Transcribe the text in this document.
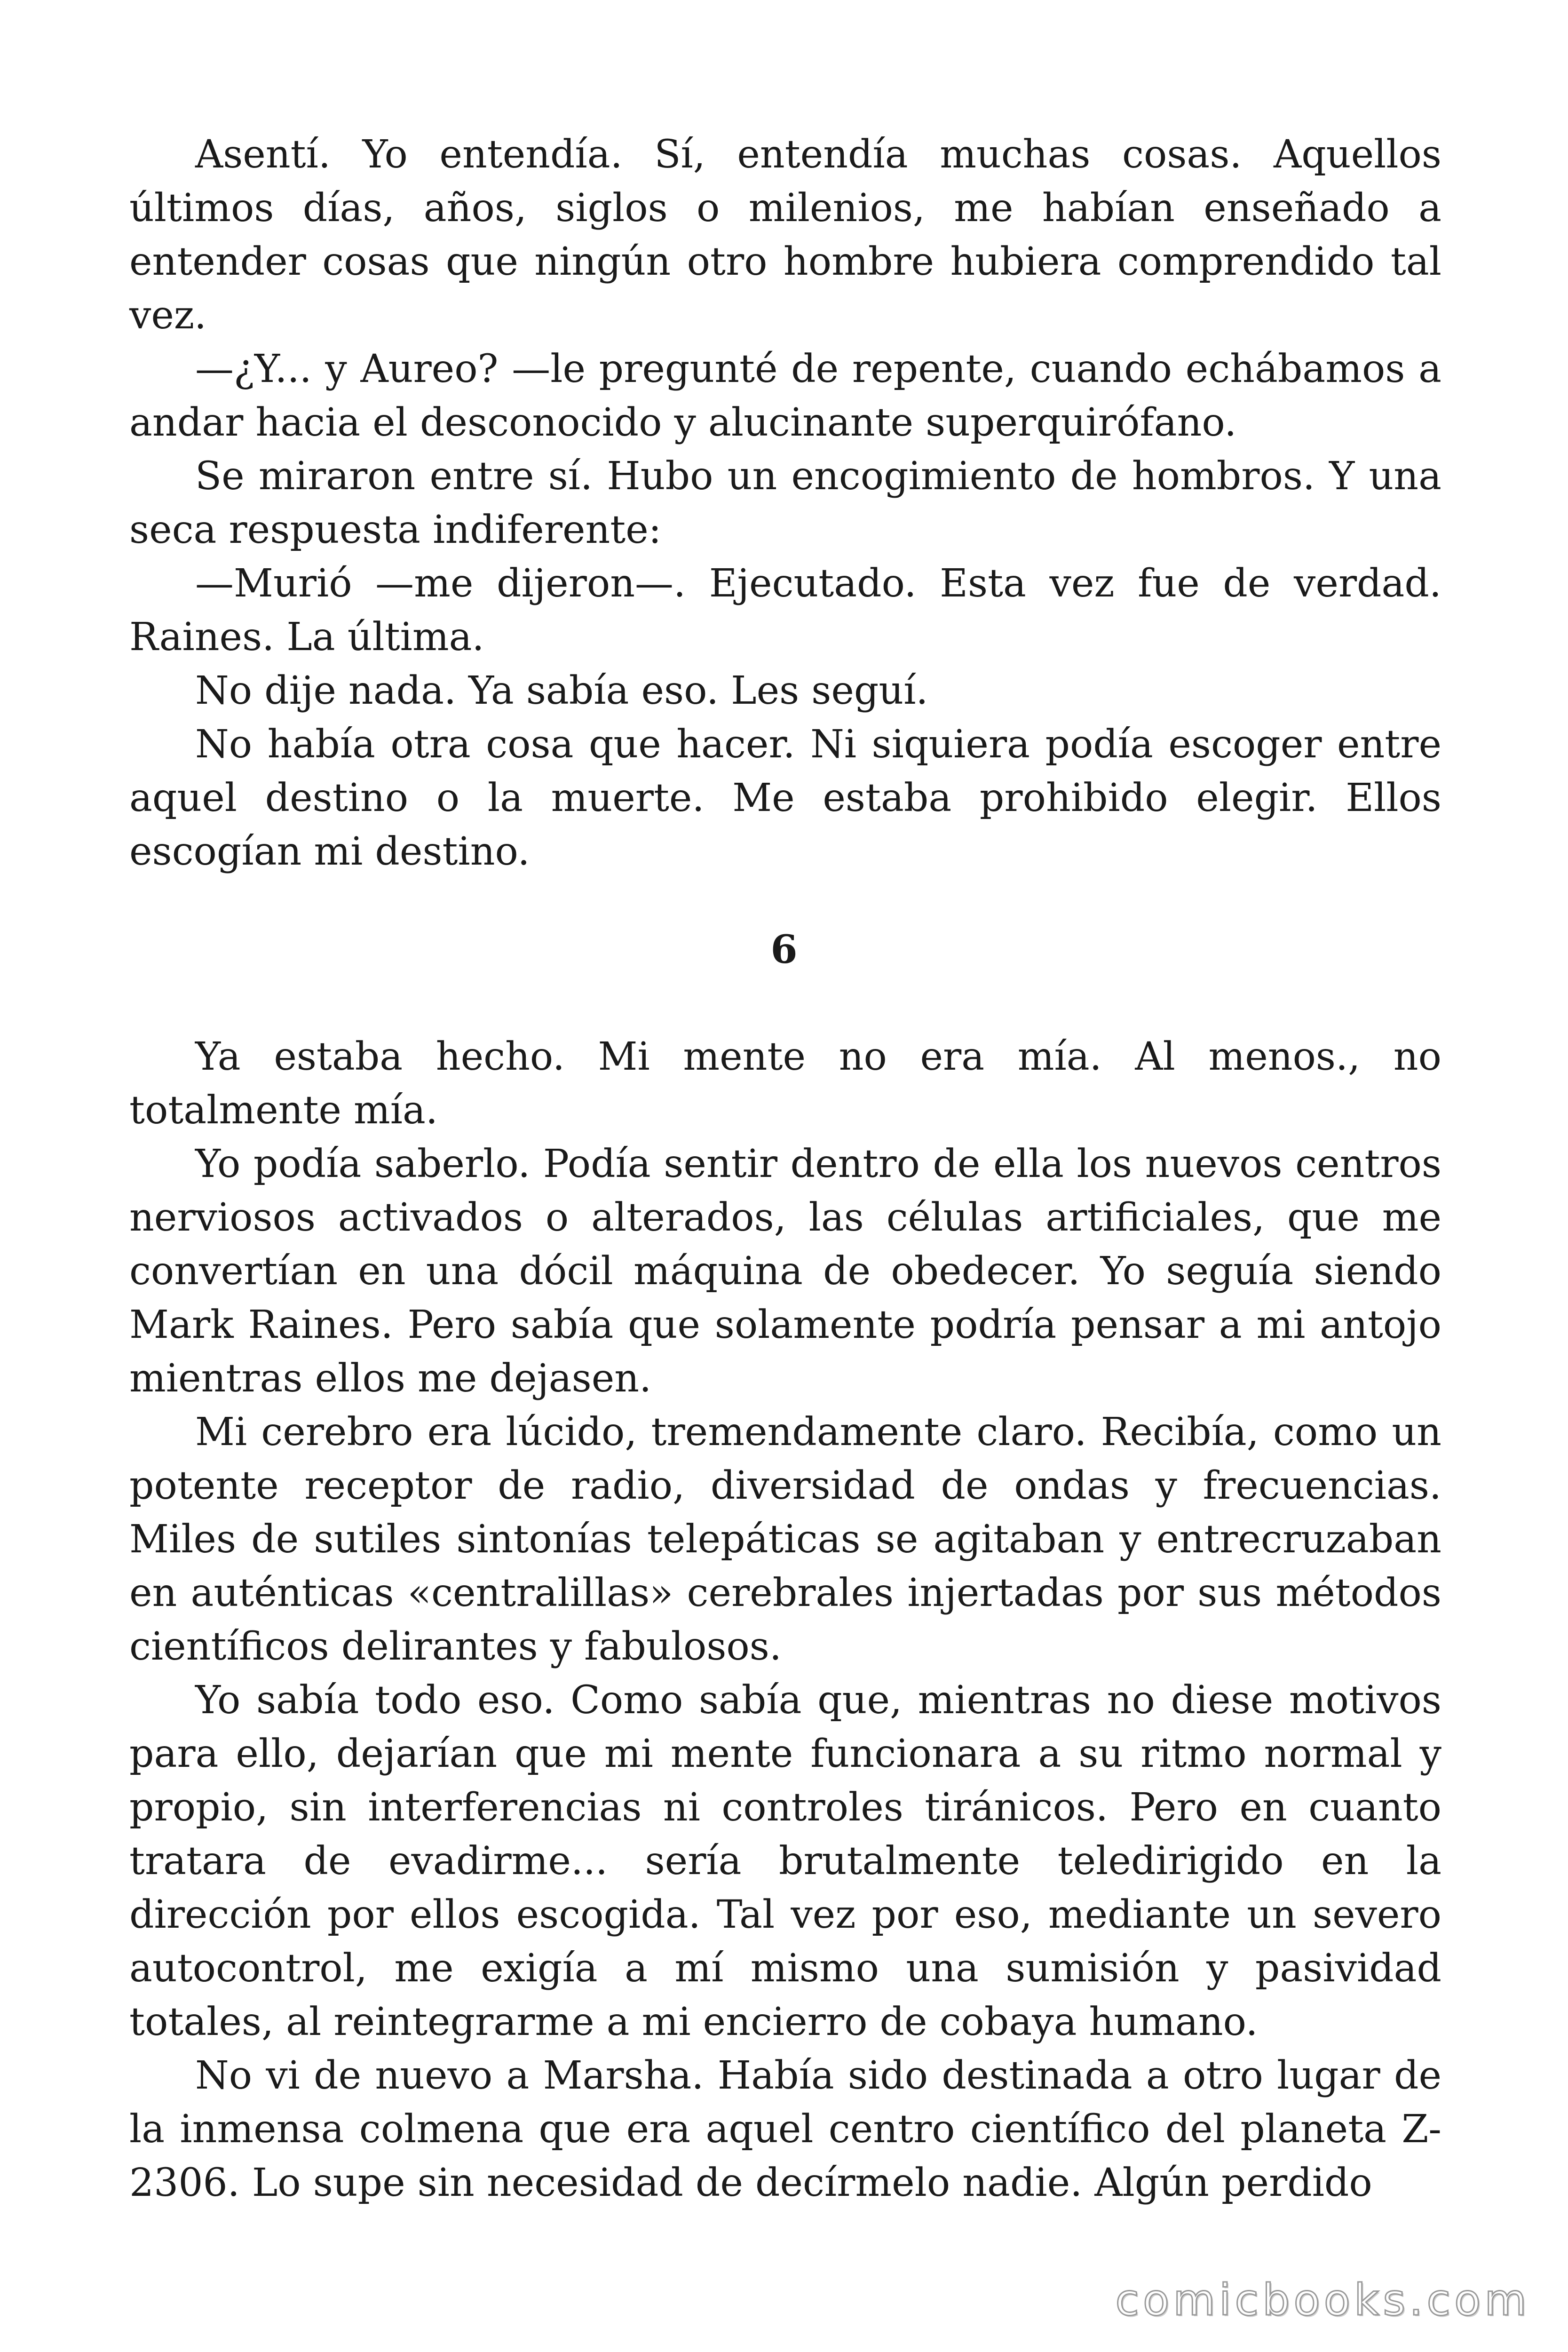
Asentí. Yo entendía. Sí, entendía muchas cosas. Aquellos últimos días, años, siglos o milenios, me habían enseñado a entender cosas que ningún otro hombre hubiera comprendido tal vez.

—¿Y... y Aureo? —le pregunté de repente, cuando echábamos a andar hacia el desconocido y alucinante superquirófano.

Se miraron entre sí. Hubo un encogimiento de hombros. Y una seca respuesta indiferente:

—Murió —me dijeron—. Ejecutado. Esta vez fue de verdad. Raines. La última.

No dije nada. Ya sabía eso. Les seguí.

No había otra cosa que hacer. Ni siquiera podía escoger entre aquel destino o la muerte. Me estaba prohibido elegir. Ellos escogían mi destino.

6

Ya estaba hecho. Mi mente no era mía. Al menos., no totalmente mía.

Yo podía saberlo. Podía sentir dentro de ella los nuevos centros nerviosos activados o alterados, las células artificiales, que me convertían en una dócil máquina de obedecer. Yo seguía siendo Mark Raines. Pero sabía que solamente podría pensar a mi antojo mientras ellos me dejasen.

Mi cerebro era lúcido, tremendamente claro. Recibía, como un potente receptor de radio, diversidad de ondas y frecuencias. Miles de sutiles sintonías telepáticas se agitaban y entrecruzaban en auténticas «centralillas» cerebrales injertadas por sus métodos científicos delirantes y fabulosos.

Yo sabía todo eso. Como sabía que, mientras no diese motivos para ello, dejarían que mi mente funcionara a su ritmo normal y propio, sin interferencias ni controles tiránicos. Pero en cuanto tratara de evadirme... sería brutalmente teledirigido en la dirección por ellos escogida. Tal vez por eso, mediante un severo autocontrol, me exigía a mí mismo una sumisión y pasividad totales, al reintegrarme a mi encierro de cobaya humano.

No vi de nuevo a Marsha. Había sido destinada a otro lugar de la inmensa colmena que era aquel centro científico del planeta Z-2306. Lo supe sin necesidad de decírmelo nadie. Algún perdido

comicbooks.com
